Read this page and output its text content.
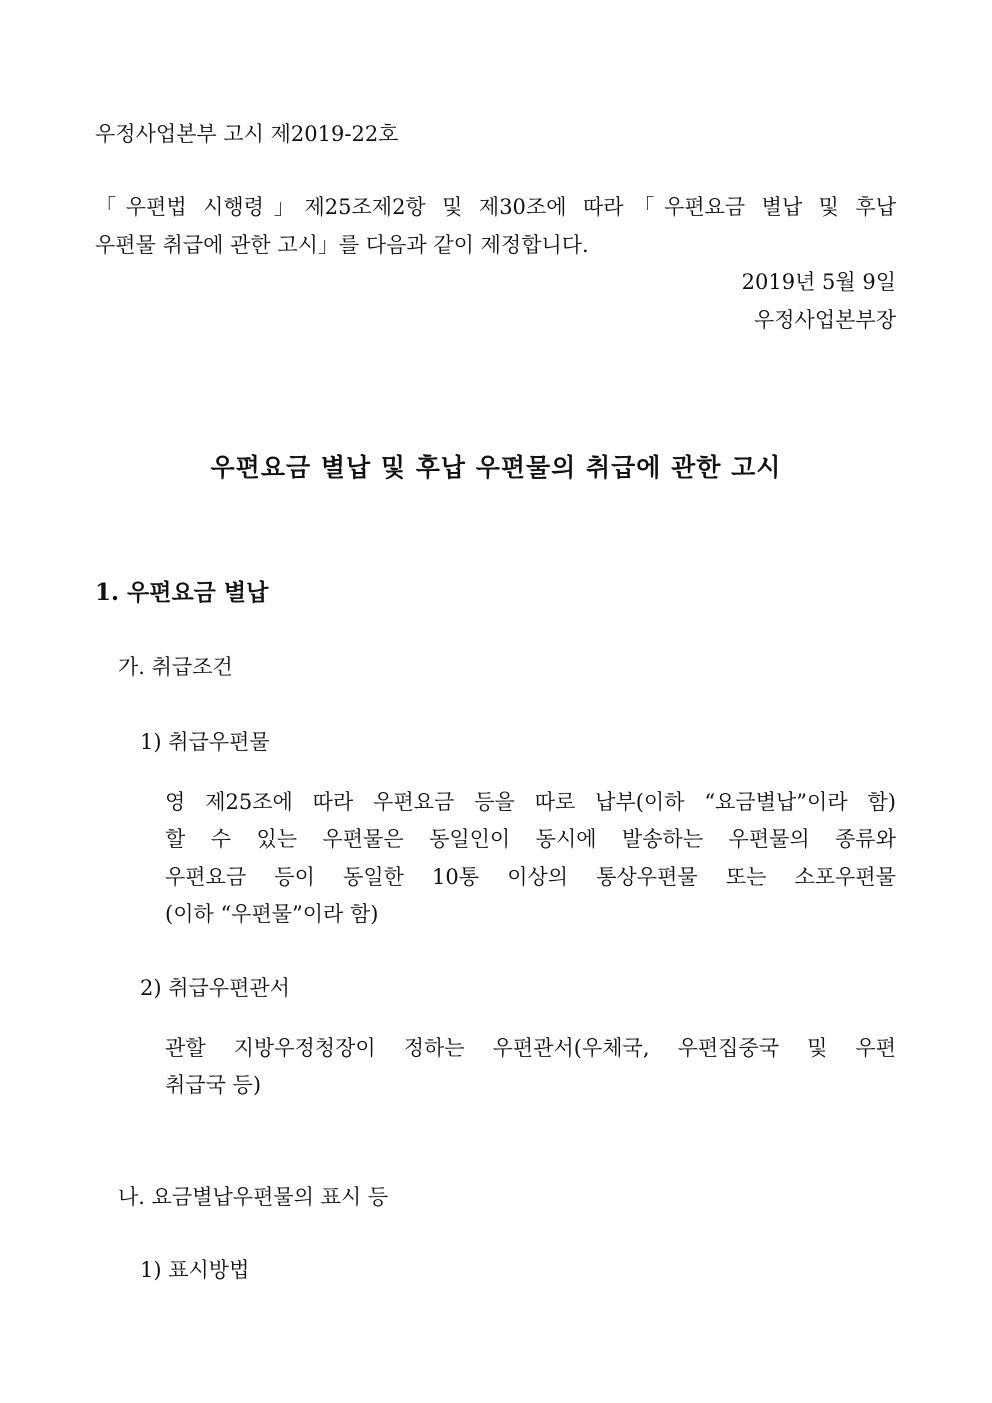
우정사업본부 고시 제2019-22호

「우편법 시행령」제25조제2항 및 제30조에 따라「우편요금 별납 및 후납

우편물 취급에 관한 고시」를 다음과 같이 제정합니다.

2019년 5월 9일

우정사업본부장

우편요금 별납 및 후납 우편물의 취급에 관한 고시
1. 우편요금 별납

가. 취급조건

1) 취급우편물

영 제25조에 따라 우편요금 등을 따로 납부(이하 “요금별납”이라 함)

할 수 있는 우편물은 동일인이 동시에 발송하는 우편물의 종류와

우편요금 등이 동일한 10통 이상의 통상우편물 또는 소포우편물

(이하 “우편물”이라 함)

2) 취급우편관서

관할 지방우정청장이 정하는 우편관서(우체국, 우편집중국 및 우편

취급국 등)

나. 요금별납우편물의 표시 등

1) 표시방법
